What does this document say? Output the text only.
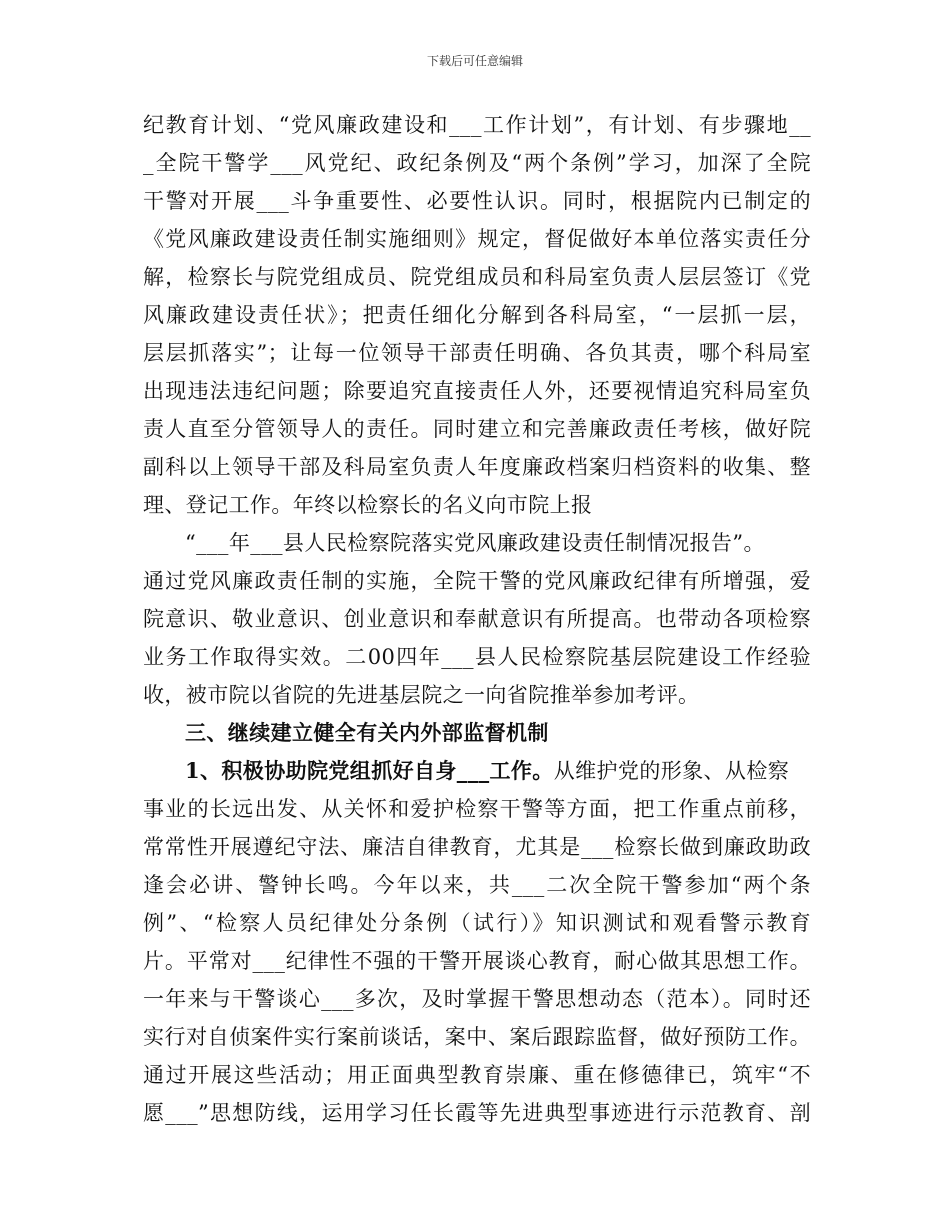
下载后可任意编辑
纪教育计划、“党风廉政建设和___工作计划”，有计划、有步骤地__
_全院干警学___风党纪、政纪条例及“两个条例”学习，加深了全院
干警对开展___斗争重要性、必要性认识。同时，根据院内已制定的
《党风廉政建设责任制实施细则》规定，督促做好本单位落实责任分
解，检察长与院党组成员、院党组成员和科局室负责人层层签订《党
风廉政建设责任状》；把责任细化分解到各科局室，“一层抓一层，
层层抓落实”；让每一位领导干部责任明确、各负其责，哪个科局室
出现违法违纪问题；除要追究直接责任人外，还要视情追究科局室负
责人直至分管领导人的责任。同时建立和完善廉政责任考核，做好院
副科以上领导干部及科局室负责人年度廉政档案归档资料的收集、整
理、登记工作。年终以检察长的名义向市院上报
“___年___县人民检察院落实党风廉政建设责任制情况报告”。
通过党风廉政责任制的实施，全院干警的党风廉政纪律有所增强，爱
院意识、敬业意识、创业意识和奉献意识有所提高。也带动各项检察
业务工作取得实效。二00四年___县人民检察院基层院建设工作经验
收，被市院以省院的先进基层院之一向省院推举参加考评。
三、继续建立健全有关内外部监督机制
1、积极协助院党组抓好自身___工作。从维护党的形象、从检察
事业的长远出发、从关怀和爱护检察干警等方面，把工作重点前移，
常常性开展遵纪守法、廉洁自律教育，尤其是___检察长做到廉政助政
逢会必讲、警钟长鸣。今年以来，共___二次全院干警参加“两个条
例”、“检察人员纪律处分条例（试行）》知识测试和观看警示教育
片。平常对___纪律性不强的干警开展谈心教育，耐心做其思想工作。
一年来与干警谈心___多次，及时掌握干警思想动态（范本）。同时还
实行对自侦案件实行案前谈话，案中、案后跟踪监督，做好预防工作。
通过开展这些活动；用正面典型教育崇廉、重在修德律已，筑牢“不
愿___”思想防线，运用学习任长霞等先进典型事迹进行示范教育、剖
